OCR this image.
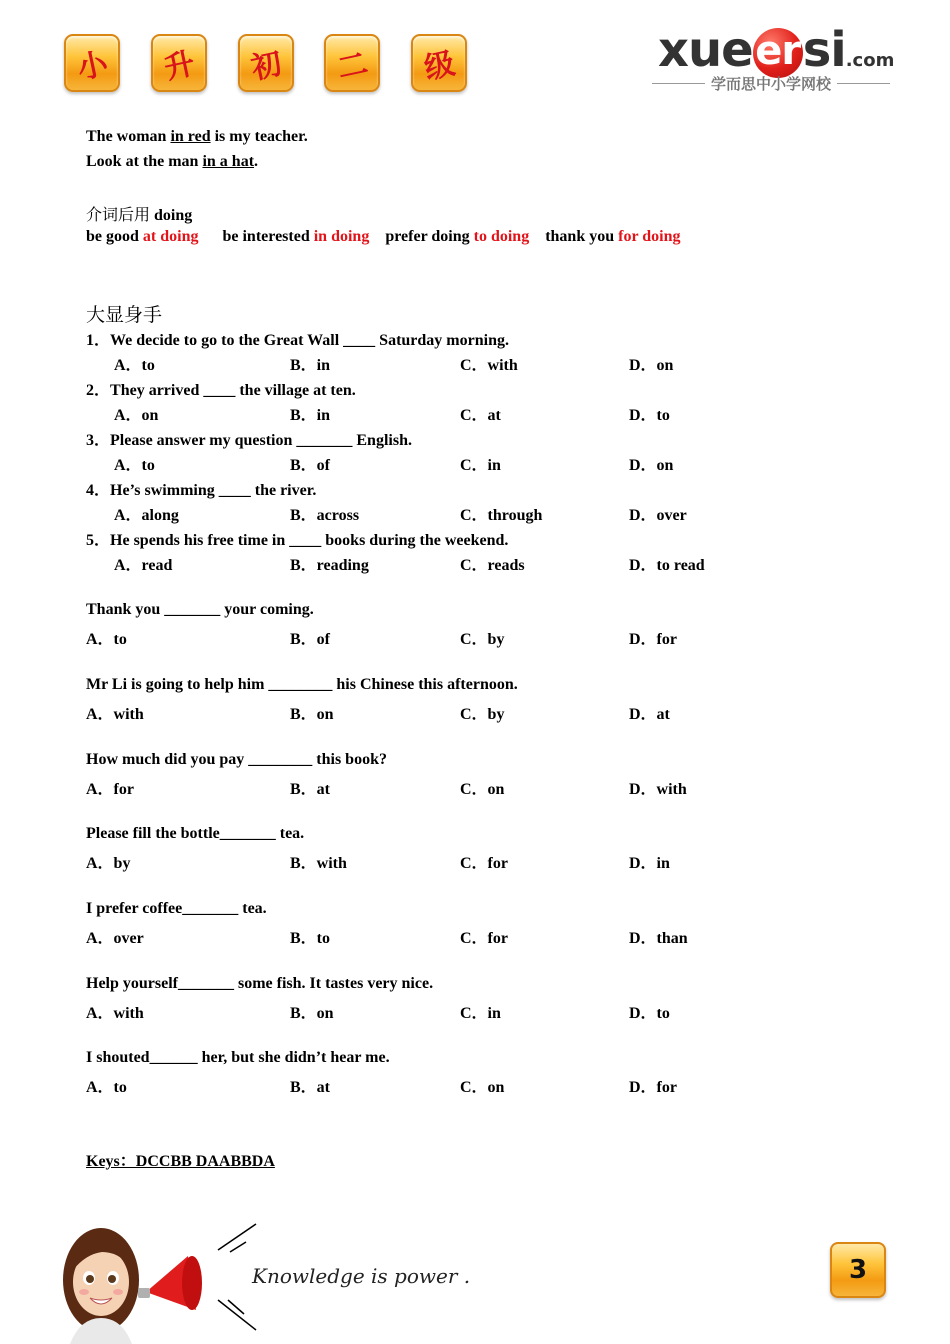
小 升 初 二 级	xueersi.com
学而思中小学网校
The woman in red is my teacher.
Look at the man in a hat.
介词后用 doing
be good at doing be interested in doing prefer doing to doing thank you for doing
大显身手
1．We decide to go to the Great Wall ____ Saturday morning.
A．to	B．in	C．with	D．on
2．They arrived ____ the village at ten.
A．on	B．in	C．at	D．to
3．Please answer my question _______ English.
A．to	B．of	C．in	D．on
4．He’s swimming ____ the river.
A．along	B．across	C．through	D．over
5．He spends his free time in ____ books during the weekend.
A．read	B．reading	C．reads	D．to read
Thank you _______ your coming.
A．to	B．of	C．by	D．for
Mr Li is going to help him ________ his Chinese this afternoon.
A．with	B．on	C．by	D．at
How much did you pay ________ this book?
A．for	B．at	C．on	D．with
Please fill the bottle_______ tea.
A．by	B．with	C．for	D．in
I prefer coffee_______ tea.
A．over	B．to	C．for	D．than
Help yourself_______ some fish. It tastes very nice.
A．with	B．on	C．in	D．to
I shouted______ her, but she didn’t hear me.
A．to	B．at	C．on	D．for
Keys：DCCBB DAABBDA
Knowledge is power .	3
